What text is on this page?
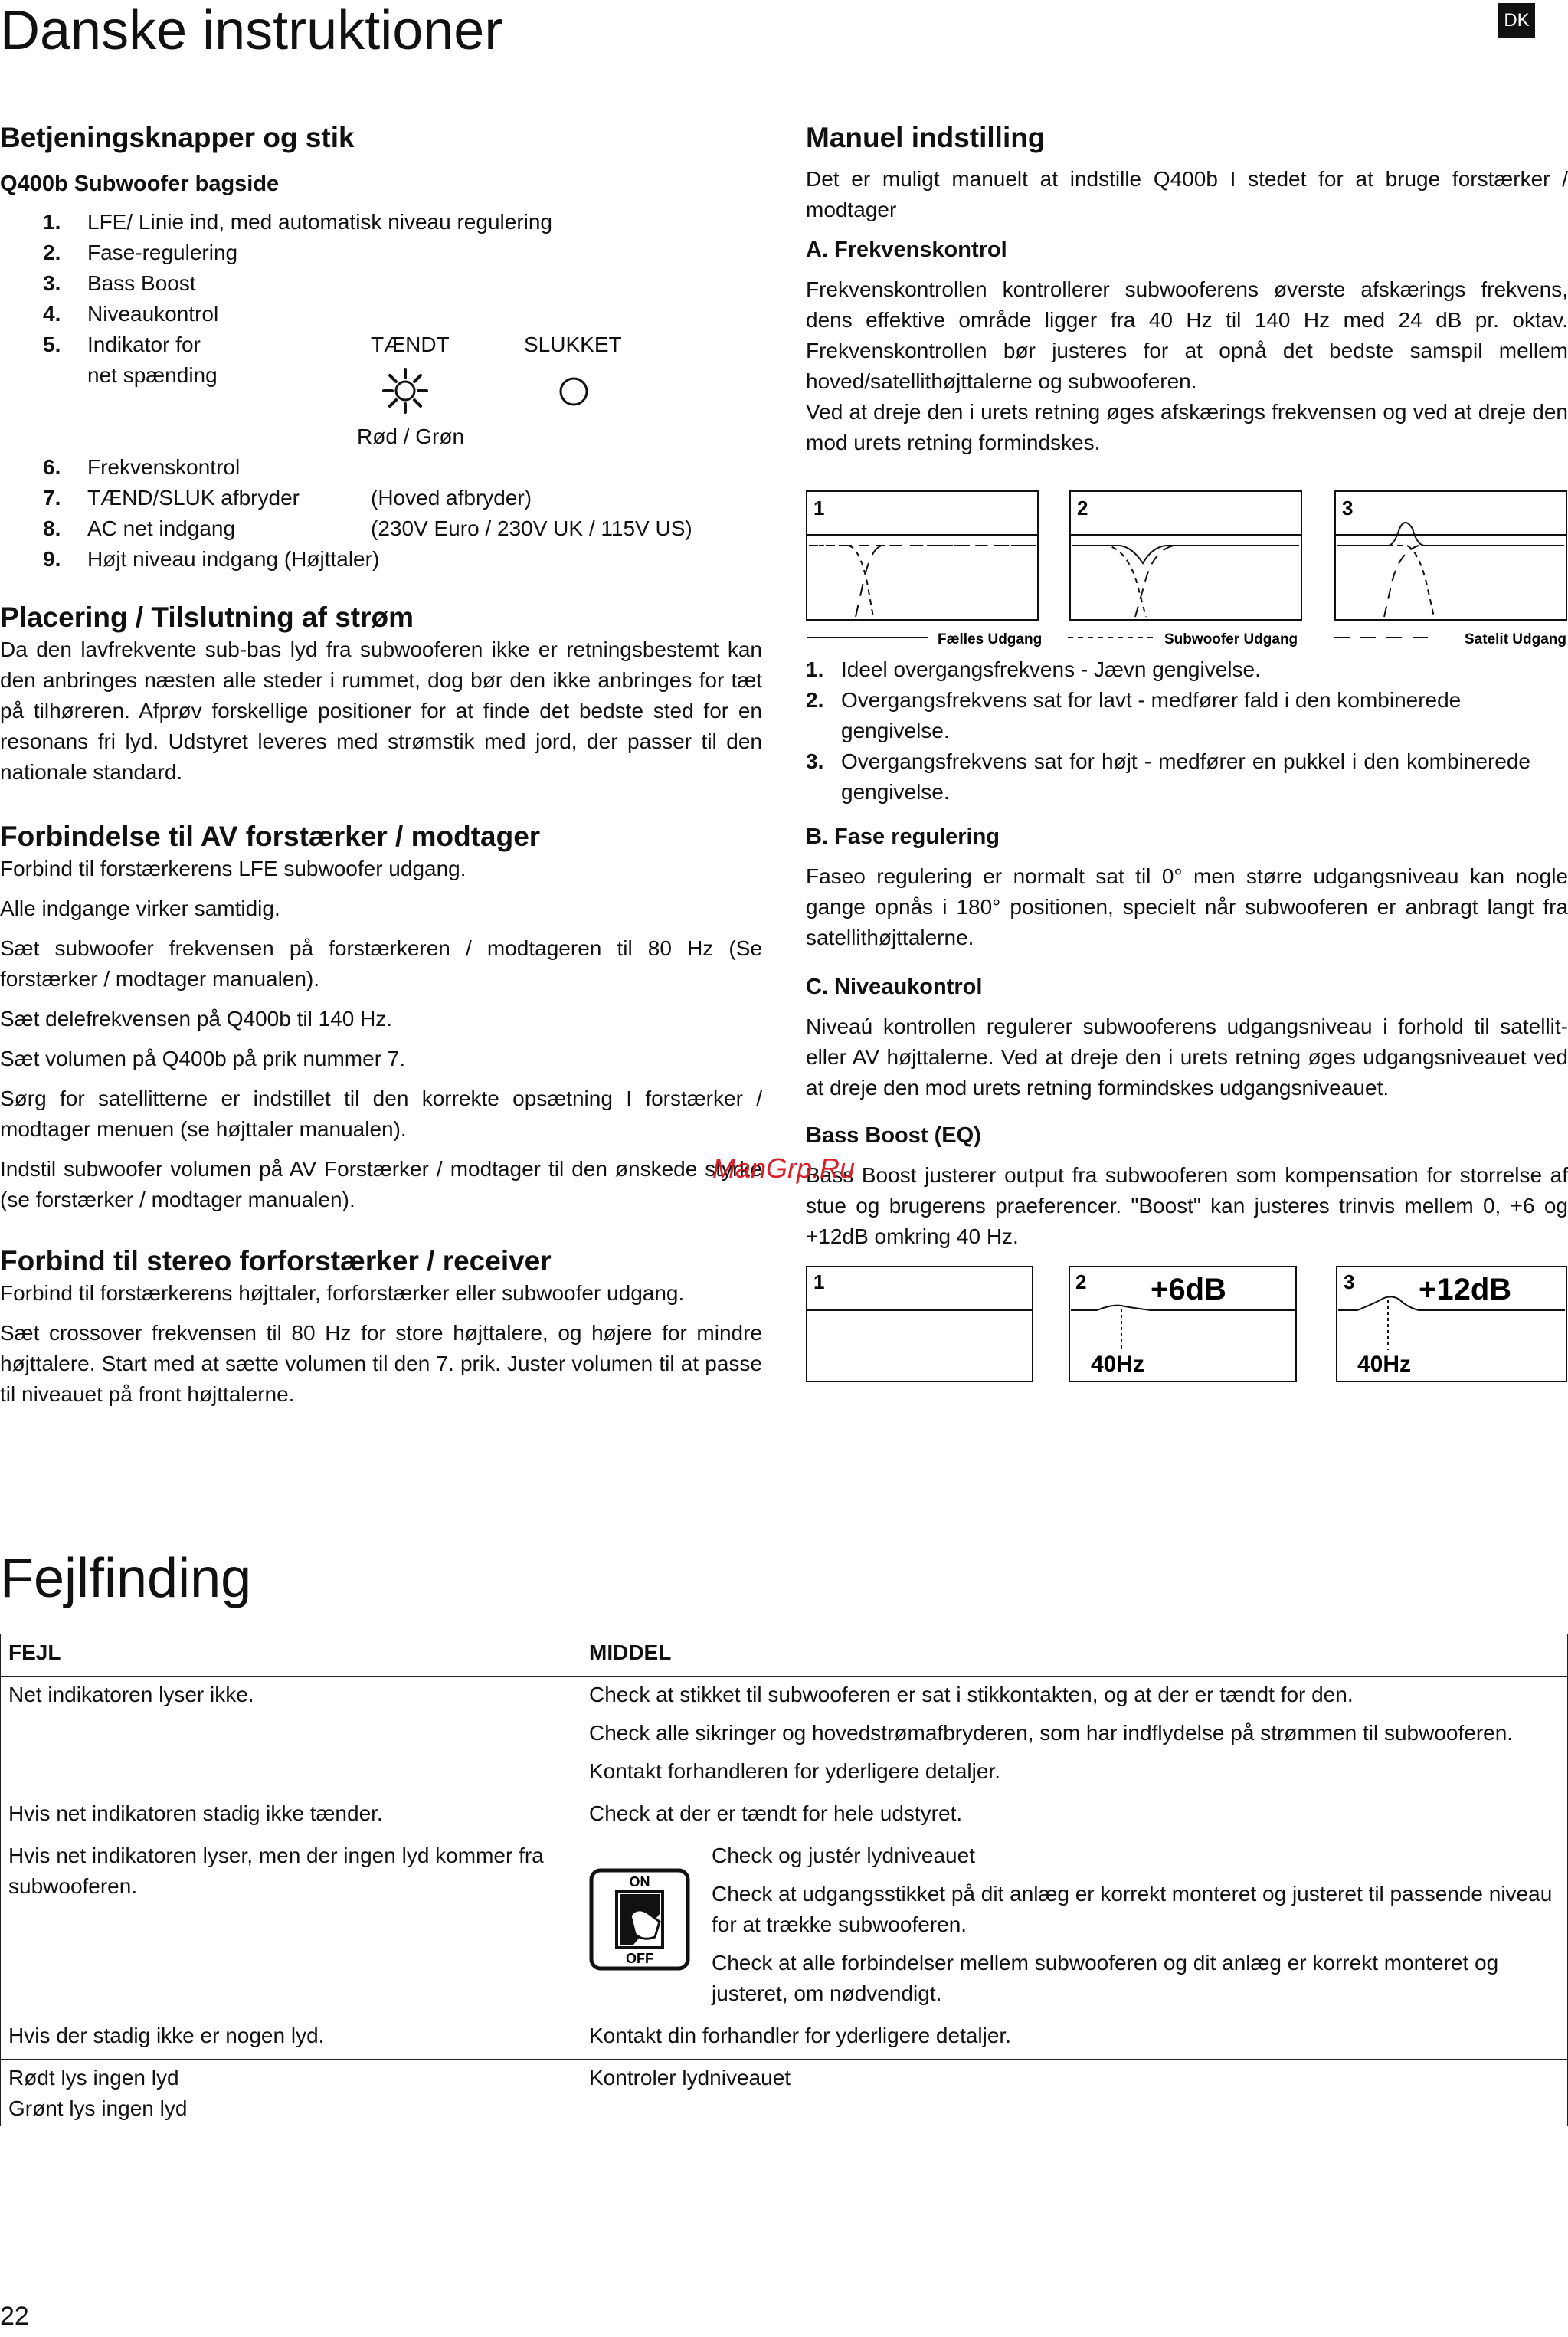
Danske instruktioner	DK
Betjeningsknapper og stik
Q400b Subwoofer bagside
1. LFE/ Linie ind, med automatisk niveau regulering
2. Fase-regulering
3. Bass Boost
4. Niveaukontrol
5. Indikator for
net spænding
TÆNDT	SLUKKET
Rød / Grøn
6. Frekvenskontrol
7. TÆND/SLUK afbryder	(Hoved afbryder)
8. AC net indgang	(230V Euro / 230V UK / 115V US)
9. Højt niveau indgang (Højttaler)
Placering / Tilslutning af strøm

Da den lavfrekvente sub-bas lyd fra subwooferen ikke er retningsbestemt kan den anbringes næsten alle steder i rummet, dog bør den ikke anbringes for tæt på tilhøreren. Afprøv forskellige positioner for at finde det bedste sted for en resonans fri lyd. Udstyret leveres med strømstik med jord, der passer til den nationale standard.

Forbindelse til AV forstærker / modtager

Forbind til forstærkerens LFE subwoofer udgang.

Alle indgange virker samtidig.

Sæt subwoofer frekvensen på forstærkeren / modtageren til 80 Hz (Se forstærker / modtager manualen).

Sæt delefrekvensen på Q400b til 140 Hz.

Sæt volumen på Q400b på prik nummer 7.

Sørg for satellitterne er indstillet til den korrekte opsætning I forstærker / modtager menuen (se højttaler manualen).

Indstil subwoofer volumen på AV Forstærker / modtager til den ønskede styrke (se forstærker / modtager manualen).

Forbind til stereo forforstærker / receiver

Forbind til forstærkerens højttaler, forforstærker eller subwoofer udgang.

Sæt crossover frekvensen til 80 Hz for store højttalere, og højere for mindre højttalere. Start med at sætte volumen til den 7. prik. Juster volumen til at passe til niveauet på front højttalerne.

Manuel indstilling

Det er muligt manuelt at indstille Q400b I stedet for at bruge forstærker / modtager

A. Frekvenskontrol

Frekvenskontrollen kontrollerer subwooferens øverste afskærings frekvens, dens effektive område ligger fra 40 Hz til 140 Hz med 24 dB pr. oktav. Frekvenskontrollen bør justeres for at opnå det bedste samspil mellem hoved/satellithøjttalerne og subwooferen.

Ved at dreje den i urets retning øges afskærings frekvensen og ved at dreje den mod urets retning formindskes.

1	2	3
Fælles Udgang	Subwoofer Udgang	Satelit Udgang
1. Ideel overgangsfrekvens - Jævn gengivelse.
2. Overgangsfrekvens sat for lavt - medfører fald i den kombinerede gengivelse.
3. Overgangsfrekvens sat for højt - medfører en pukkel i den kombinerede gengivelse.
B. Fase regulering

Faseo regulering er normalt sat til 0° men større udgangsniveau kan nogle gange opnås i 180° positionen, specielt når subwooferen er anbragt langt fra satellithøjttalerne.

C. Niveaukontrol

Niveaú kontrollen regulerer subwooferens udgangsniveau i forhold til satellit-eller AV højttalerne. Ved at dreje den i urets retning øges udgangsniveauet ved at dreje den mod urets retning formindskes udgangsniveauet.

Bass Boost (EQ)

Bass Boost justerer output fra subwooferen som kompensation for storrelse af stue og brugerens praeferencer. "Boost" kan justeres trinvis mellem 0, +6 og +12dB omkring 40 Hz.

1	2 +6dB
40Hz
3 +12dB
40Hz
ManGrp.Ru
Fejlfinding
FEJL	MIDDEL
Net indikatoren lyser ikke.	Check at stikket til subwooferen er sat i stikkontakten, og at der er tændt for den.

Check alle sikringer og hovedstrømafbryderen, som har indflydelse på strømmen til subwooferen.

Kontakt forhandleren for yderligere detaljer.

Hvis net indikatoren stadig ikke tænder.	Check at der er tændt for hele udstyret.

Hvis net indikatoren lyser, men der ingen lyd kommer fra subwooferen.	ON
OFF

Check og justér lydniveauet

Check at udgangsstikket på dit anlæg er korrekt monteret og justeret til passende niveau for at trække subwooferen.

Check at alle forbindelser mellem subwooferen og dit anlæg er korrekt monteret og justeret, om nødvendigt.

Hvis der stadig ikke er nogen lyd.	Kontakt din forhandler for yderligere detaljer.

Rødt lys ingen lyd
Grønt lys ingen lyd	Kontroler lydniveauet

22
